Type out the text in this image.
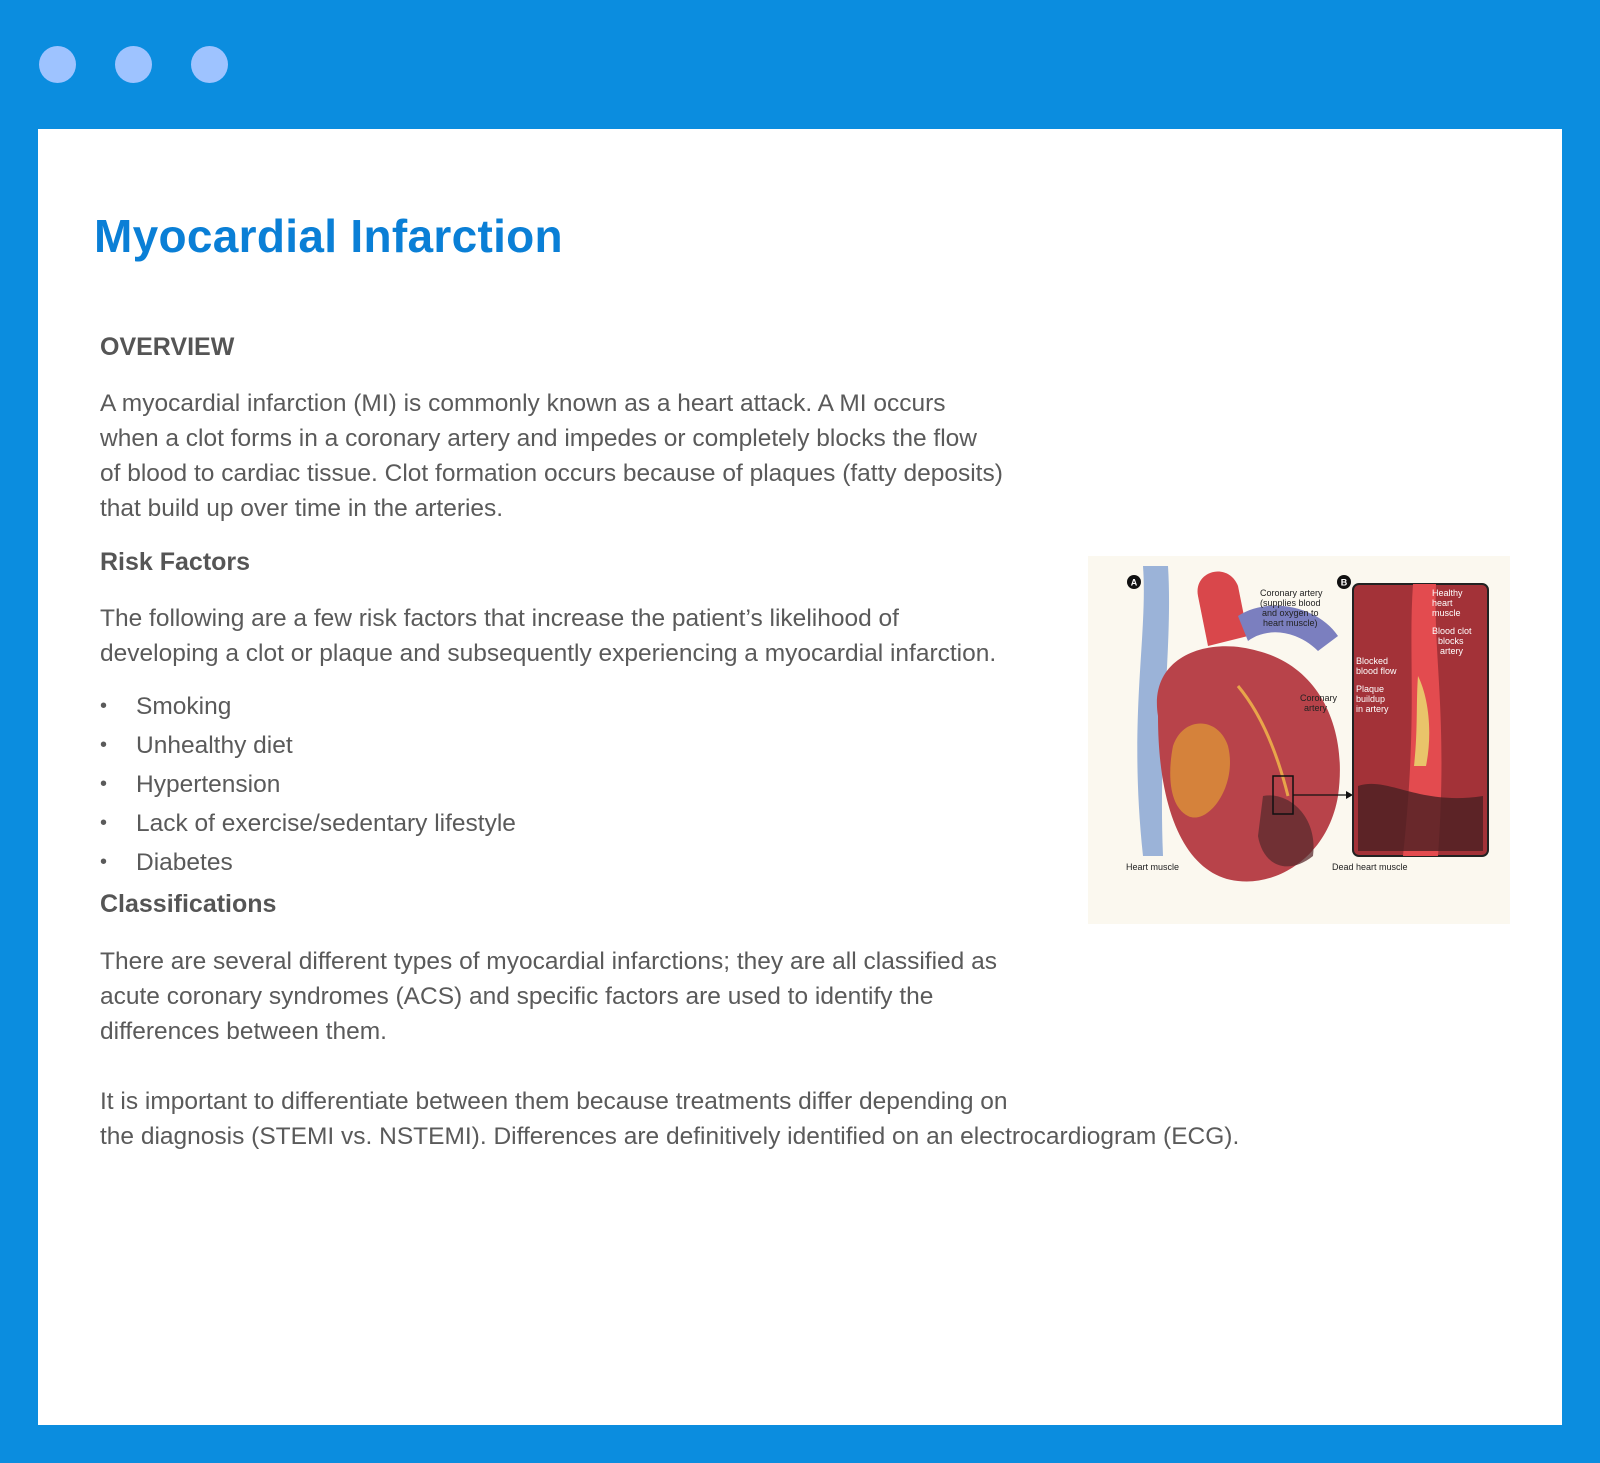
Myocardial Infarction
OVERVIEW
A myocardial infarction (MI) is commonly known as a heart attack. A MI occurs
when a clot forms in a coronary artery and impedes or completely blocks the flow
of blood to cardiac tissue. Clot formation occurs because of plaques (fatty deposits)
that build up over time in the arteries.
Risk Factors
The following are a few risk factors that increase the patient’s likelihood of
developing a clot or plaque and subsequently experiencing a myocardial infarction.
• Smoking
• Unhealthy diet
• Hypertension
• Lack of exercise/sedentary lifestyle
• Diabetes
Classifications
There are several different types of myocardial infarctions; they are all classified as
acute coronary syndromes (ACS) and specific factors are used to identify the
differences between them.
It is important to differentiate between them because treatments differ depending on
the diagnosis (STEMI vs. NSTEMI). Differences are definitively identified on an electrocardiogram (ECG).
A	B
Coronary artery
(supplies blood
and oxygen to
heart muscle)
Coronary
artery
Heart muscle	Dead heart muscle
Healthy
heart
muscle
Blood clot
blocks
artery
Blocked
blood flow
Plaque
buildup
in artery
